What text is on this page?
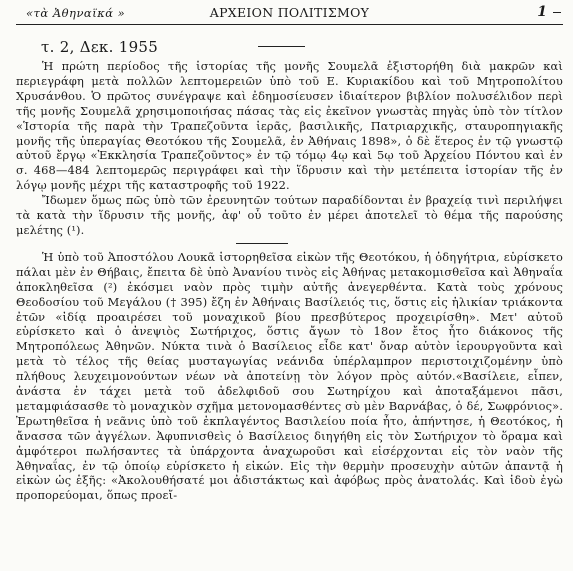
«τὰ Ἀθηναϊκά »	ΑΡΧΕΙΟΝ ΠΟΛΙΤΙΣΜΟΥ	1
τ. 2, Δεκ. 1955

Ἡ πρώτη περίοδος τῆς ἱστορίας τῆς μονῆς Σουμελᾶ ἐξιστορήθη διὰ μακρῶν καὶ περιεγράφη μετὰ πολλῶν λεπτομερειῶν ὑπὸ τοῦ Ε. Κυριακίδου καὶ τοῦ Μητροπολίτου Χρυσάνθου. Ὁ πρῶτος συνέγραψε καὶ ἐδημοσίευσεν ἰδιαίτερον βιβλίον πολυσέλιδον περὶ τῆς μονῆς Σουμελᾶ χρησιμοποιήσας πάσας τὰς εἰς ἐκεῖνον γνωστὰς πηγὰς ὑπὸ τὸν τίτλον «Ἱστορία τῆς παρὰ τὴν Τραπεζοῦντα ἱερᾶς, βασιλικῆς, Πατριαρχικῆς, σταυροπηγιακῆς μονῆς τῆς ὑπεραγίας Θεοτόκου τῆς Σουμελᾶ, ἐν Ἀθήναις 1898», ὁ δὲ ἕτερος ἐν τῷ γνωστῷ αὐτοῦ ἔργῳ «Ἐκκλησία Τραπεζοῦντος» ἐν τῷ τόμῳ 4ῳ καὶ 5ῳ τοῦ Ἀρχείου Πόντου καὶ ἐν σ. 468—484 λεπτομερῶς περιγράφει καὶ τὴν ἵδρυσιν καὶ τὴν μετέπειτα ἱστορίαν τῆς ἐν λόγῳ μονῆς μέχρι τῆς καταστροφῆς τοῦ 1922.

Ἴδωμεν ὅμως πῶς ὑπὸ τῶν ἐρευνητῶν τούτων παραδίδονται ἐν βραχείᾳ τινὶ περιλήψει τὰ κατὰ τὴν ἵδρυσιν τῆς μονῆς, ἀφ' οὗ τοῦτο ἐν μέρει ἀποτελεῖ τὸ θέμα τῆς παρούσης μελέτης (¹).

Ἡ ὑπὸ τοῦ Ἀποστόλου Λουκᾶ ἱστορηθεῖσα εἰκὼν τῆς Θεοτόκου, ἡ ὁδηγήτρια, εὑρίσκετο πάλαι μὲν ἐν Θήβαις, ἔπειτα δὲ ὑπὸ Ἀνανίου τινὸς εἰς Ἀθήνας μετακομισθεῖσα καὶ Ἀθηναΐα ἀποκληθεῖσα (²) ἐκόσμει ναὸν πρὸς τιμὴν αὐτῆς ἀνεγερθέντα. Κατὰ τοὺς χρόνους Θεοδοσίου τοῦ Μεγάλου († 395) ἔζη ἐν Ἀθήναις Βασίλειός τις, ὅστις εἰς ἡλικίαν τριάκοντα ἐτῶν «ἰδίᾳ προαιρέσει τοῦ μοναχικοῦ βίου πρεσβύτερος προχειρίσθη». Μετ' αὐτοῦ εὑρίσκετο καὶ ὁ ἀνεψιὸς Σωτήριχος, ὅστις ἄγων τὸ 18ον ἔτος ἦτο διάκονος τῆς Μητροπόλεως Ἀθηνῶν. Νύκτα τινὰ ὁ Βασίλειος εἶδε κατ' ὄναρ αὐτὸν ἱερουργοῦντα καὶ μετὰ τὸ τέλος τῆς θείας μυσταγωγίας νεάνιδα ὑπέρλαμπρον περιστοιχιζομένην ὑπὸ πλήθους λευχειμονούντων νέων νὰ ἀποτείνῃ τὸν λόγον πρὸς αὐτόν.«Βασίλειε, εἶπεν, ἀνάστα ἐν τάχει μετὰ τοῦ ἀδελφιδοῦ σου Σωτηρίχου καὶ ἀποταξάμενοι πᾶσι, μεταμφιάσασθε τὸ μοναχικὸν σχῆμα μετονομασθέντες σὺ μὲν Βαρνάβας, ὁ δέ, Σωφρόνιος». Ἐρωτηθεῖσα ἡ νεᾶνις ὑπὸ τοῦ ἐκπλαγέντος Βασιλείου ποία ἦτο, ἀπήντησε, ἡ Θεοτόκος, ἡ ἄνασσα τῶν ἀγγέλων. Ἀφυπνισθεὶς ὁ Βασίλειος διηγήθη εἰς τὸν Σωτήριχον τὸ ὅραμα καὶ ἀμφότεροι πωλήσαντες τὰ ὑπάρχοντα ἀναχωροῦσι καὶ εἰσέρχονται εἰς τὸν ναὸν τῆς Ἀθηναΐας, ἐν τῷ ὁποίῳ εὑρίσκετο ἡ εἰκών. Εἰς τὴν θερμὴν προσευχὴν αὐτῶν ἀπαντᾷ ἡ εἰκὼν ὡς ἑξῆς: «Ἀκολουθήσατέ μοι ἀδιστάκτως καὶ ἀφόβως πρὸς ἀνατολάς. Καὶ ἰδοὺ ἐγὼ προπορεύομαι, ὅπως προεἴ-
